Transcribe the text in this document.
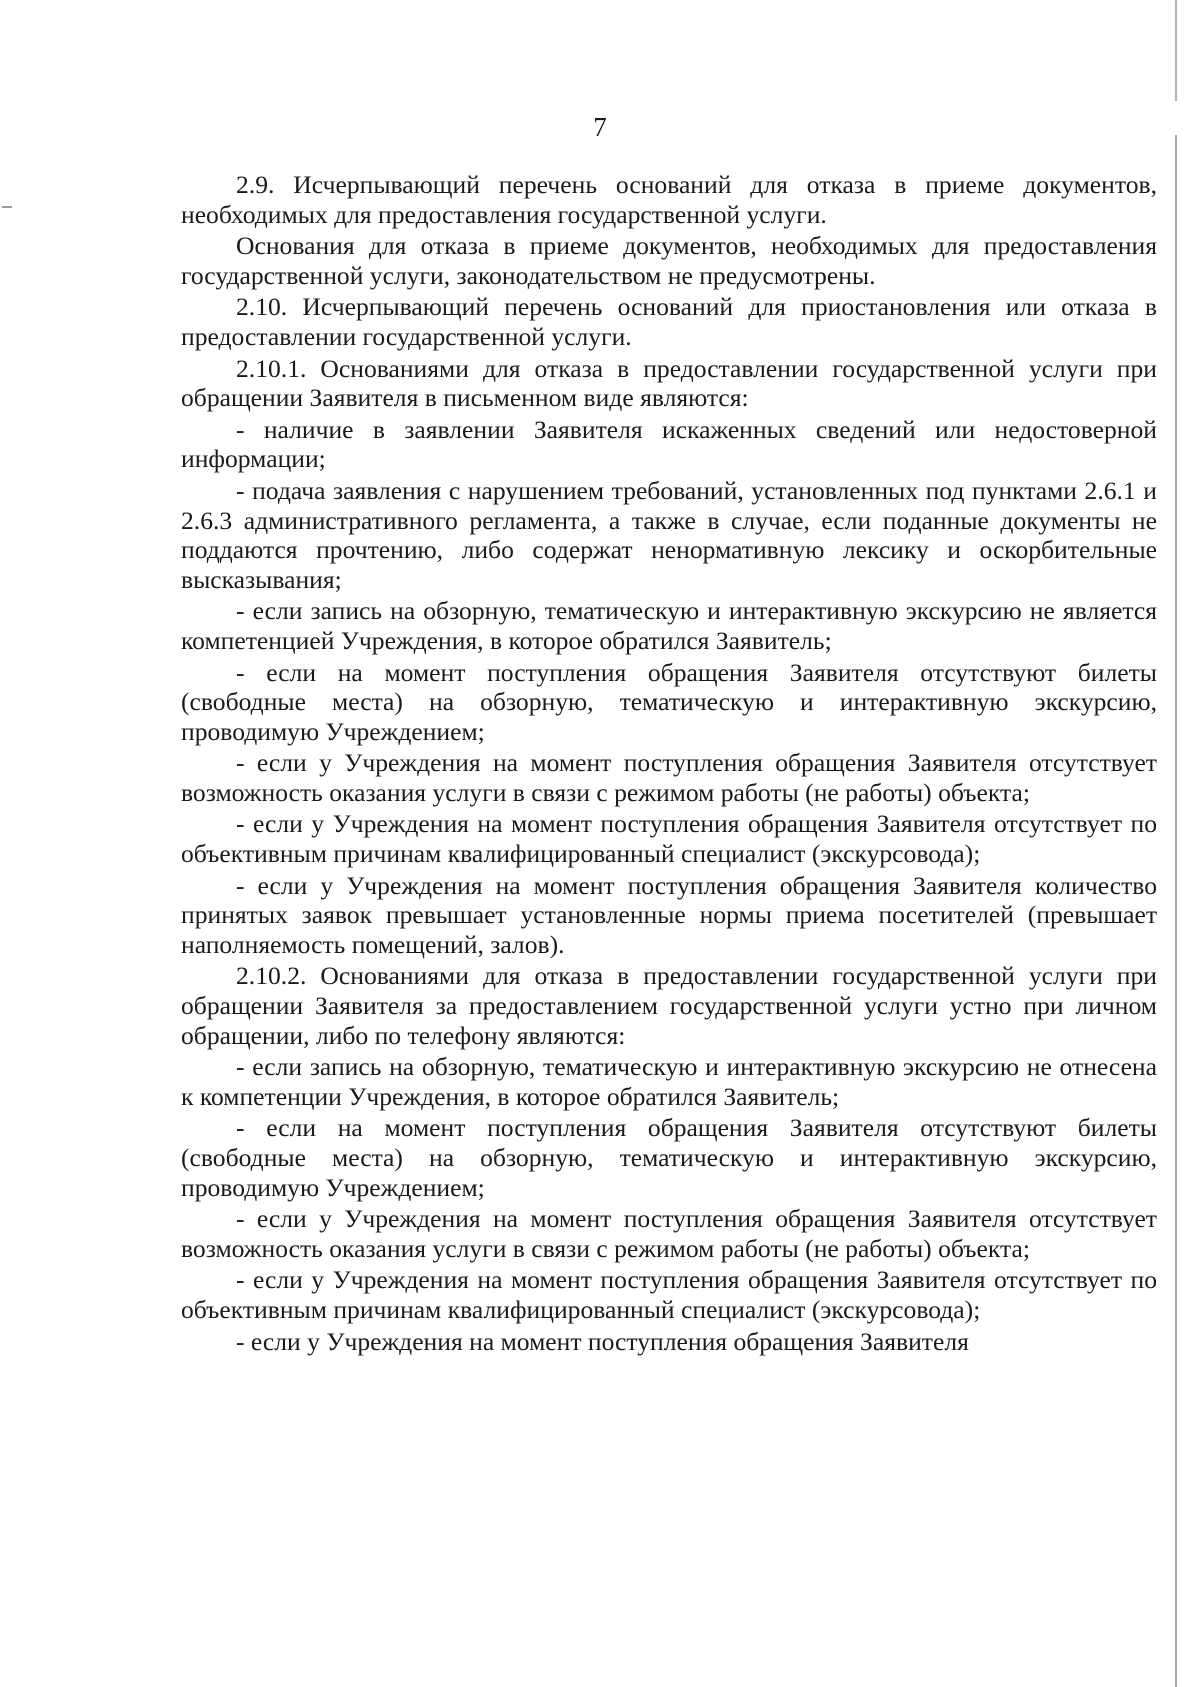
7

2.9. Исчерпывающий перечень оснований для отказа в приеме документов, необходимых для предоставления государственной услуги.

Основания для отказа в приеме документов, необходимых для предоставления государственной услуги, законодательством не предусмотрены.

2.10. Исчерпывающий перечень оснований для приостановления или отказа в предоставлении государственной услуги.

2.10.1. Основаниями для отказа в предоставлении государственной услуги при обращении Заявителя в письменном виде являются:

- наличие в заявлении Заявителя искаженных сведений или недостоверной информации;

- подача заявления с нарушением требований, установленных под пунктами 2.6.1 и 2.6.3 административного регламента, а также в случае, если поданные документы не поддаются прочтению, либо содержат ненормативную лексику и оскорбительные высказывания;

- если запись на обзорную, тематическую и интерактивную экскурсию не является компетенцией Учреждения, в которое обратился Заявитель;

- если на момент поступления обращения Заявителя отсутствуют билеты (свободные места) на обзорную, тематическую и интерактивную экскурсию, проводимую Учреждением;

- если у Учреждения на момент поступления обращения Заявителя отсутствует возможность оказания услуги в связи с режимом работы (не работы) объекта;

- если у Учреждения на момент поступления обращения Заявителя отсутствует по объективным причинам квалифицированный специалист (экскурсовода);

- если у Учреждения на момент поступления обращения Заявителя количество принятых заявок превышает установленные нормы приема посетителей (превышает наполняемость помещений, залов).

2.10.2. Основаниями для отказа в предоставлении государственной услуги при обращении Заявителя за предоставлением государственной услуги устно при личном обращении, либо по телефону являются:

- если запись на обзорную, тематическую и интерактивную экскурсию не отнесена к компетенции Учреждения, в которое обратился Заявитель;

- если на момент поступления обращения Заявителя отсутствуют билеты (свободные места) на обзорную, тематическую и интерактивную экскурсию, проводимую Учреждением;

- если у Учреждения на момент поступления обращения Заявителя отсутствует возможность оказания услуги в связи с режимом работы (не работы) объекта;

- если у Учреждения на момент поступления обращения Заявителя отсутствует по объективным причинам квалифицированный специалист (экскурсовода);

- если у Учреждения на момент поступления обращения Заявителя
